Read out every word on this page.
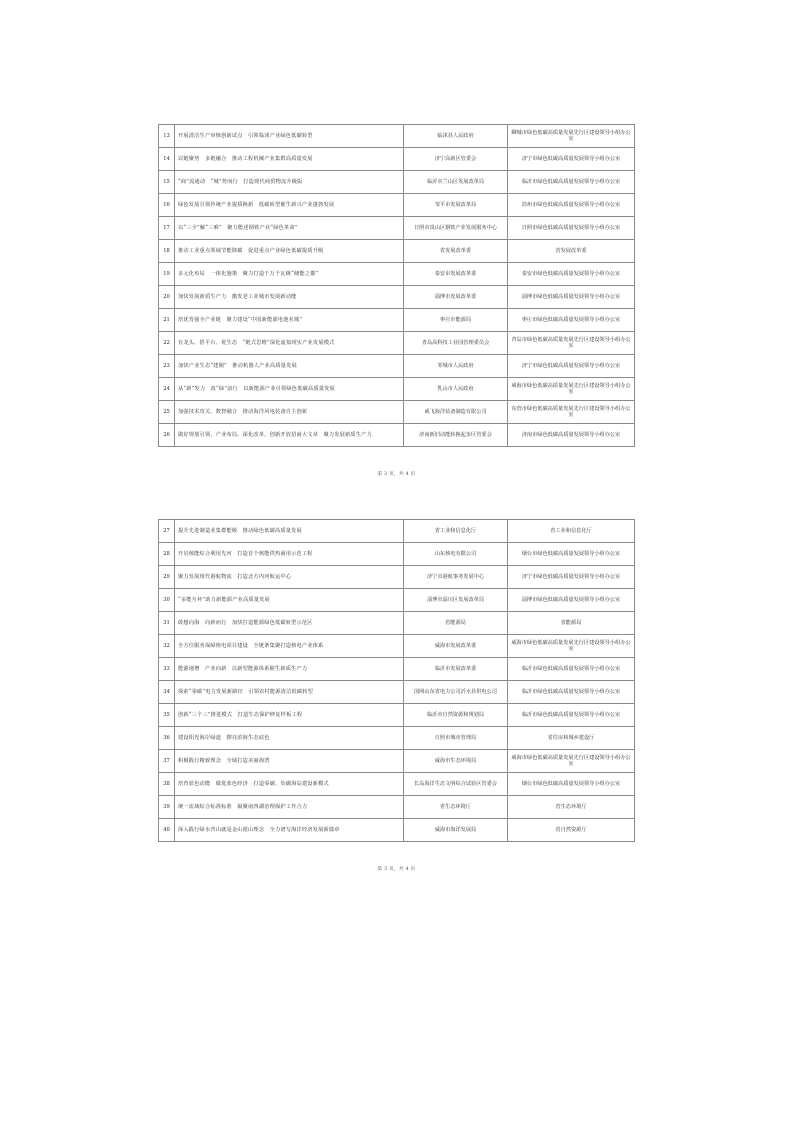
13	开展清洁生产审核创新试点　引领临沭产业绿色低碳转型	临沭县人民政府	聊城市绿色低碳高质量发展先行区建设领导小组办公室
14	以链聚势　多链融合　推动工程机械产业集群高质量发展	济宁高新区管委会	济宁市绿色低碳高质量发展领导小组办公室
15	“商”流通动　“城”势而行　打造现代商贸物流升级版	临沂市兰山区发展改革局	临沂市绿色低碳高质量发展领导小组办公室
16	绿色发展引领传统产业提质换新　低碳转型催生新兴产业蓬勃发展	邹平市发展改革局	滨州市绿色低碳高质量发展领导小组办公室
17	以“三全”解“三难”　聚力能述钢铁产业“绿色革命”	日照市岚山区钢铁产业发展服务中心	日照市绿色低碳高质量发展领导小组办公室
18	推动工业重点领域节能降碳　促进重点产业绿色低碳提质升级	省发展改革委	省发展改革委
19	多元化布局　一体化施策　聚力打造千万千瓦级“储能之都”	泰安市发展改革委	泰安市绿色低碳高质量发展领导小组办公室
20	加快发展新质生产力　激发老工业城市发展新动能	淄博市发展改革委	淄博市绿色低碳高质量发展领导小组办公室
21	培优育强全产业链　聚力建设“中国新能源电池名城”	枣庄市能源局	枣庄市绿色低碳高质量发展领导小组办公室
22	有龙头、搭平台、优生态　“链式思维”深化虚拟现实产业发展模式	青岛高科技工业园管理委员会	青岛市绿色低碳高质量发展先行区建设领导小组办公室
23	加快产业生态“建圈”　推动机器人产业高质量发展	邹城市人民政府	济宁市绿色低碳高质量发展领导小组办公室
24	从“新”发力　改“绿”前行　以新能源产业引领绿色低碳高质量发展	乳山市人民政府	威海市绿色低碳高质量发展先行区建设领导小组办公室
25	加强技术攻关、数智融合　推动海洋风电装备自主创新	威飞海洋装备制造有限公司	东营市绿色低碳高质量发展先行区建设领导小组办公室
26	做好规划引领、产业布局、深化改革，创新开放招商大文章　聚力发展新质生产力	济南新旧动能转换起步区管委会	济南市绿色低碳高质量发展领导小组办公室
第 3 页，共 4 页
27	提升先进制造业集群能级　推动绿色低碳高质量发展	省工业和信息化厅	省工业和信息化厅
28	开启核能综合利用先河　打造首个核能供热商用示范工程	山东核电有限公司	烟台市绿色低碳高质量发展领导小组办公室
29	聚力发展现代港航物流　打造北方内河航运中心	济宁市港航事务发展中心	济宁市绿色低碳高质量发展领导小组办公室
30	“多能互补”助力新能源产业高质量发展	淄博市淄川区发展改革局	淄博市绿色低碳高质量发展领导小组办公室
31	敢想向海　向新而行　加快打造能源绿色低碳转型示范区	省能源局	省能源局
32	全方位服务保障核电项目建设　全链条集聚打造核电产业体系	威海市发展改革委	威海市绿色低碳高质量发展先行区建设领导小组办公室
33	能源速增　产业向新　以新型能源体系催生新质生产力	临沂市发展改革委	临沂市绿色低碳高质量发展领导小组办公室
34	探索“零碳”电力发展新路径　引领农村能源清洁低碳转型	国网山东省电力公司沂水县供电公司	临沂市绿色低碳高质量发展领导小组办公室
35	创新“三个三”推进模式　打造生态保护修复样板工程	临沂市自然资源和规划局	临沂市绿色低碳高质量发展领导小组办公室
36	建设阳光海岸绿道　擦亮滨海生态底色	日照市城市管理局	省住房和城乡建设厅
37	积极践行精致理念　全域打造美丽海湾	威海市生态环境局	威海市绿色低碳高质量发展先行区建设领导小组办公室
38	培育蓝色动能　做优蓝色经济　打造零碳、负碳海岛建设新模式	长岛海洋生态文明综合试验区管委会	烟台市绿色低碳高质量发展领导小组办公室
39	统一流域综合标准标准　凝聚南四湖治理保护工作合力	省生态环境厅	省生态环境厅
40	深入践行绿水青山就是金山银山理念　全力谱写海洋经济发展新篇章	威海市海洋发展局	省自然资源厅
第 3 页，共 4 页
